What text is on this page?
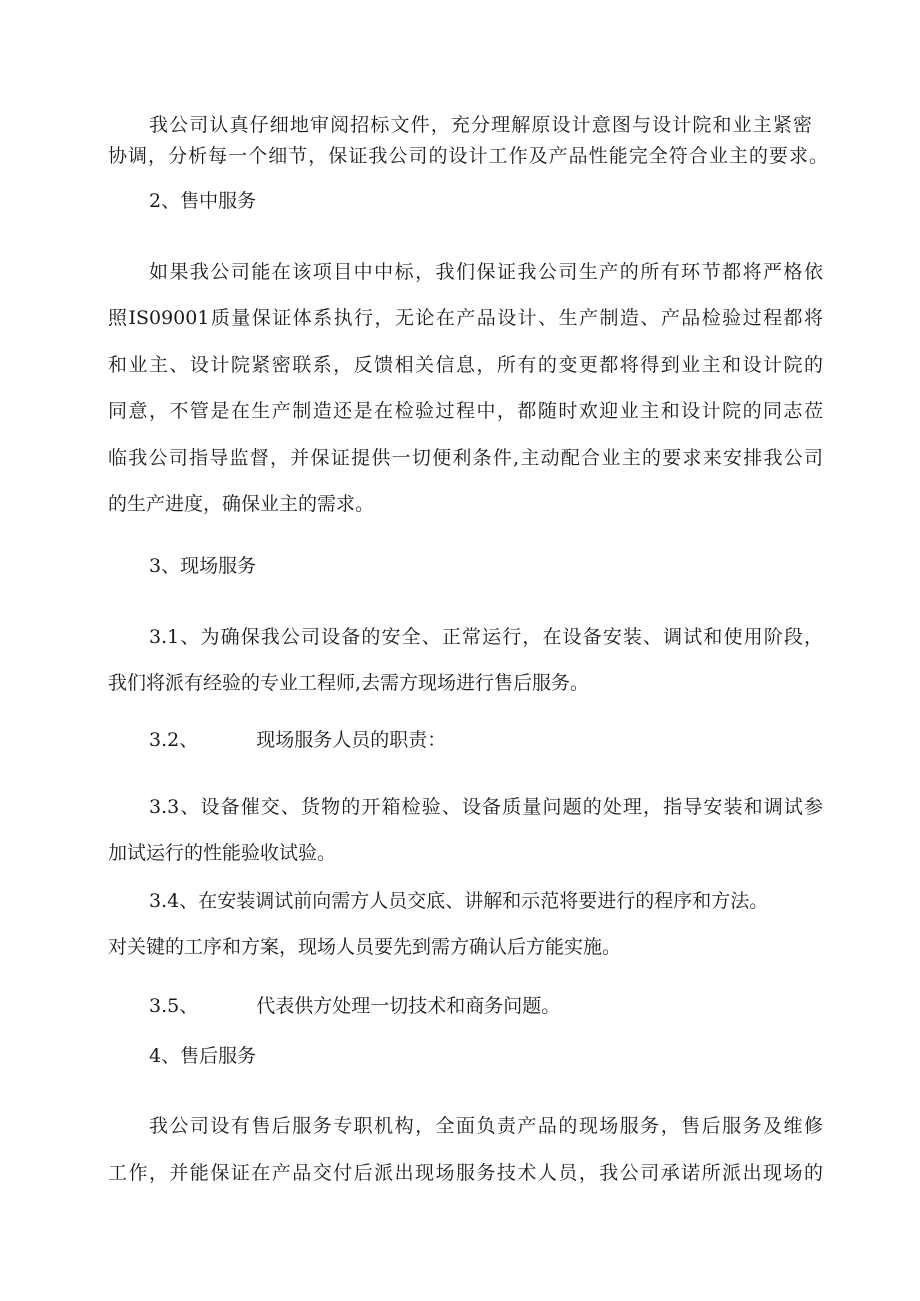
我公司认真仔细地审阅招标文件，充分理解原设计意图与设计院和业主紧密

协调，分析每一个细节，保证我公司的设计工作及产品性能完全符合业主的要求。

2、售中服务

如果我公司能在该项目中中标，我们保证我公司生产的所有环节都将严格依

照IS09001质量保证体系执行，无论在产品设计、生产制造、产品检验过程都将

和业主、设计院紧密联系，反馈相关信息，所有的变更都将得到业主和设计院的

同意，不管是在生产制造还是在检验过程中，都随时欢迎业主和设计院的同志莅

临我公司指导监督，并保证提供一切便利条件,主动配合业主的要求来安排我公司

的生产进度，确保业主的需求。

3、现场服务

3.1、为确保我公司设备的安全、正常运行，在设备安装、调试和使用阶段，

我们将派有经验的专业工程师,去需方现场进行售后服务。

3.2、	现场服务人员的职责：

3.3、设备催交、货物的开箱检验、设备质量问题的处理，指导安装和调试参

加试运行的性能验收试验。

3.4、在安装调试前向需方人员交底、讲解和示范将要进行的程序和方法。

对关键的工序和方案，现场人员要先到需方确认后方能实施。

3.5、	代表供方处理一切技术和商务问题。

4、售后服务

我公司设有售后服务专职机构，全面负责产品的现场服务，售后服务及维修

工作，并能保证在产品交付后派出现场服务技术人员，我公司承诺所派出现场的
